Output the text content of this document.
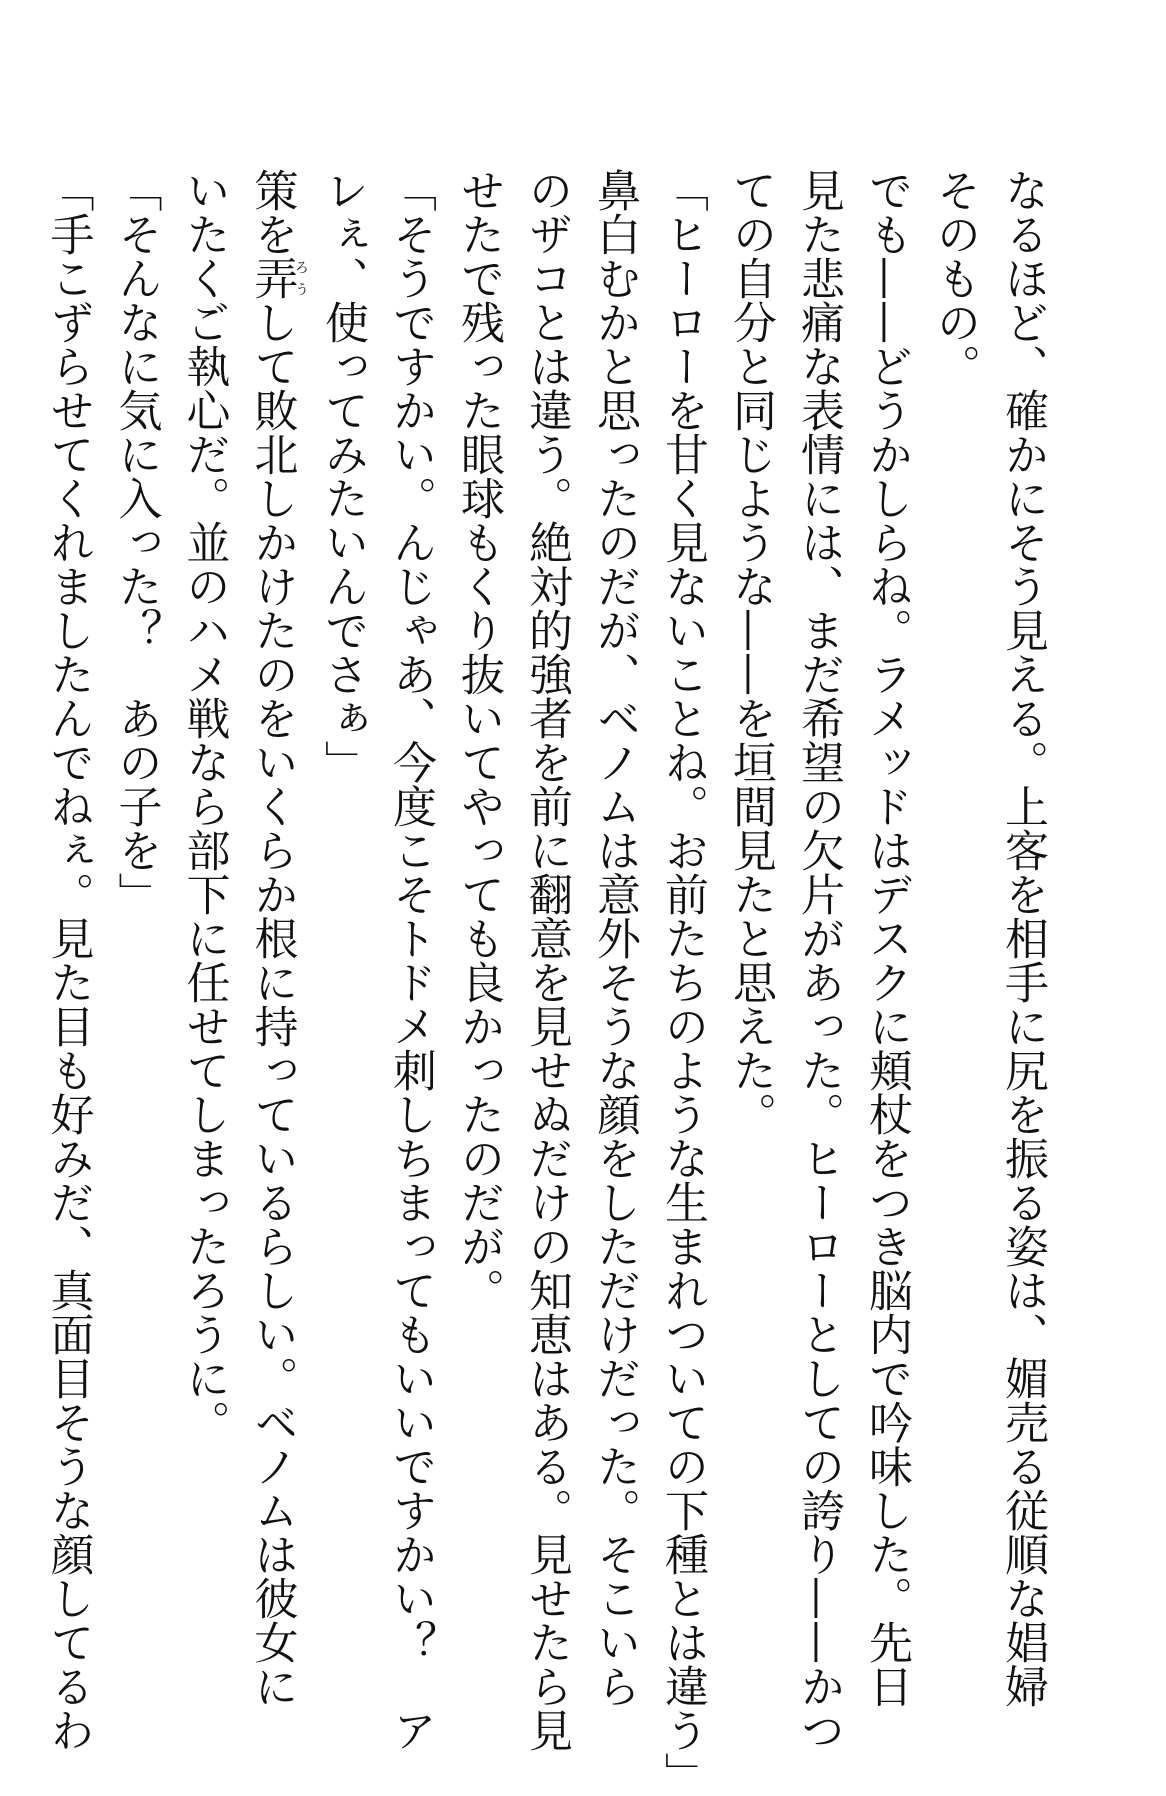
なるほど、確かにそう見える。上客を相手に尻を振る姿は、媚売る従順な娼婦
そのもの。
でも——どうかしらね。ラメッドはデスクに頬杖をつき脳内で吟味した。先日
見た悲痛な表情には、まだ希望の欠片があった。ヒーローとしての誇り——かつ
ての自分と同じような——を垣間見たと思えた。
「ヒーローを甘く見ないことね。お前たちのような生まれついての下種とは違う」
鼻白むかと思ったのだが、ベノムは意外そうな顔をしただけだった。そこいら
のザコとは違う。絶対的強者を前に翻意を見せぬだけの知恵はある。見せたら見
せたで残った眼球もくり抜いてやっても良かったのだが。
「そうですかい。んじゃあ、今度こそトドメ刺しちまってもいいですかい？　ア
レぇ、使ってみたいんでさぁ」
策を弄ろうして敗北しかけたのをいくらか根に持っているらしい。ベノムは彼女に
いたくご執心だ。並のハメ戦なら部下に任せてしまったろうに。
「そんなに気に入った？　あの子を」
「手こずらせてくれましたんでねぇ。見た目も好みだ、真面目そうな顔してるわ
